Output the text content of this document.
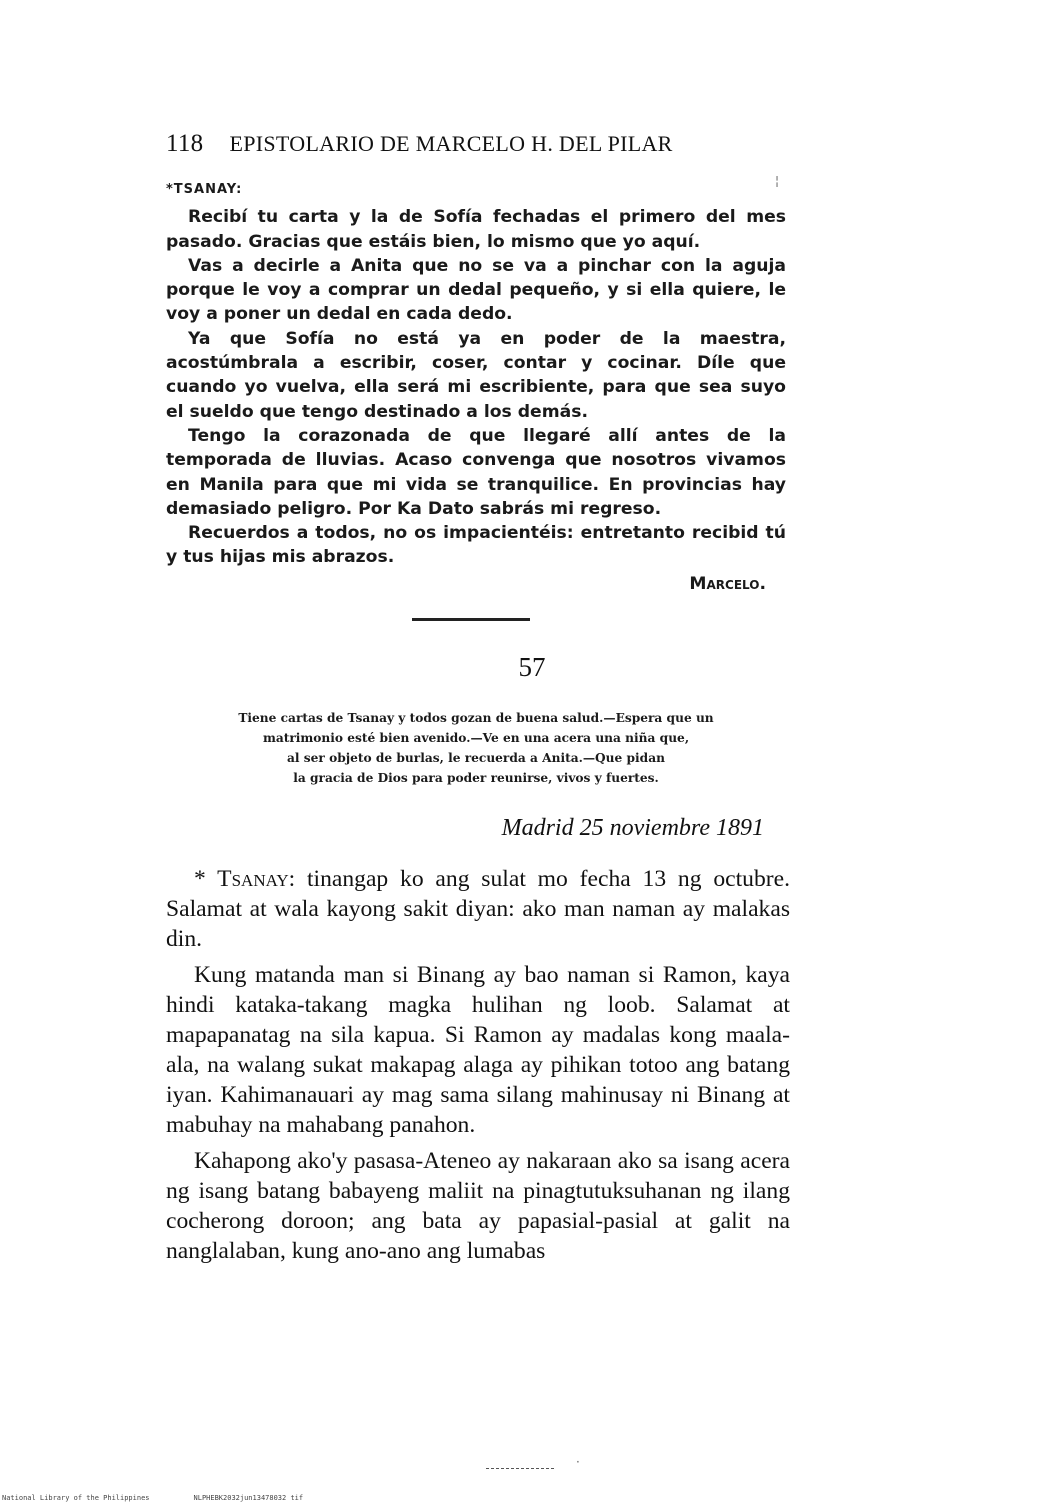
118 EPISTOLARIO DE MARCELO H. DEL PILAR
*TSANAY:

Recibí tu carta y la de Sofía fechadas el primero del mes pasado. Gracias que estáis bien, lo mismo que yo aquí.

Vas a decirle a Anita que no se va a pinchar con la aguja porque le voy a comprar un dedal pequeño, y si ella quiere, le voy a poner un dedal en cada dedo.

Ya que Sofía no está ya en poder de la maestra, acostúmbrala a escribir, coser, contar y cocinar. Díle que cuando yo vuelva, ella será mi escribiente, para que sea suyo el sueldo que tengo destinado a los demás.

Tengo la corazonada de que llegaré allí antes de la temporada de lluvias. Acaso convenga que nosotros vivamos en Manila para que mi vida se tranquilice. En provincias hay demasiado peligro. Por Ka Dato sabrás mi regreso.

Recuerdos a todos, no os impacientéis: entretanto recibid tú y tus hijas mis abrazos.

Marcelo.

57
Tiene cartas de Tsanay y todos gozan de buena salud.—Espera que un
matrimonio esté bien avenido.—Ve en una acera una niña que,
al ser objeto de burlas, le recuerda a Anita.—Que pidan
la gracia de Dios para poder reunirse, vivos y fuertes.
Madrid 25 noviembre 1891

* Tsanay: tinangap ko ang sulat mo fecha 13 ng octubre. Salamat at wala kayong sakit diyan: ako man naman ay malakas din.

Kung matanda man si Binang ay bao naman si Ramon, kaya hindi kataka-takang magka hulihan ng loob. Salamat at mapapanatag na sila kapua. Si Ramon ay madalas kong maala-ala, na walang sukat makapag alaga ay pihikan totoo ang batang iyan. Kahimanauari ay mag sama silang mahinusay ni Binang at mabuhay na mahabang panahon.

Kahapong ako'y pasasa-Ateneo ay nakaraan ako sa isang acera ng isang batang babayeng maliit na pinagtutuksuhanan ng ilang cocherong doroon; ang bata ay papasial-pasial at galit na nanglalaban, kung ano-ano ang lumabas

¦
·
National Library of the Philippines	NLPHEBK2032jun13478032 tif
